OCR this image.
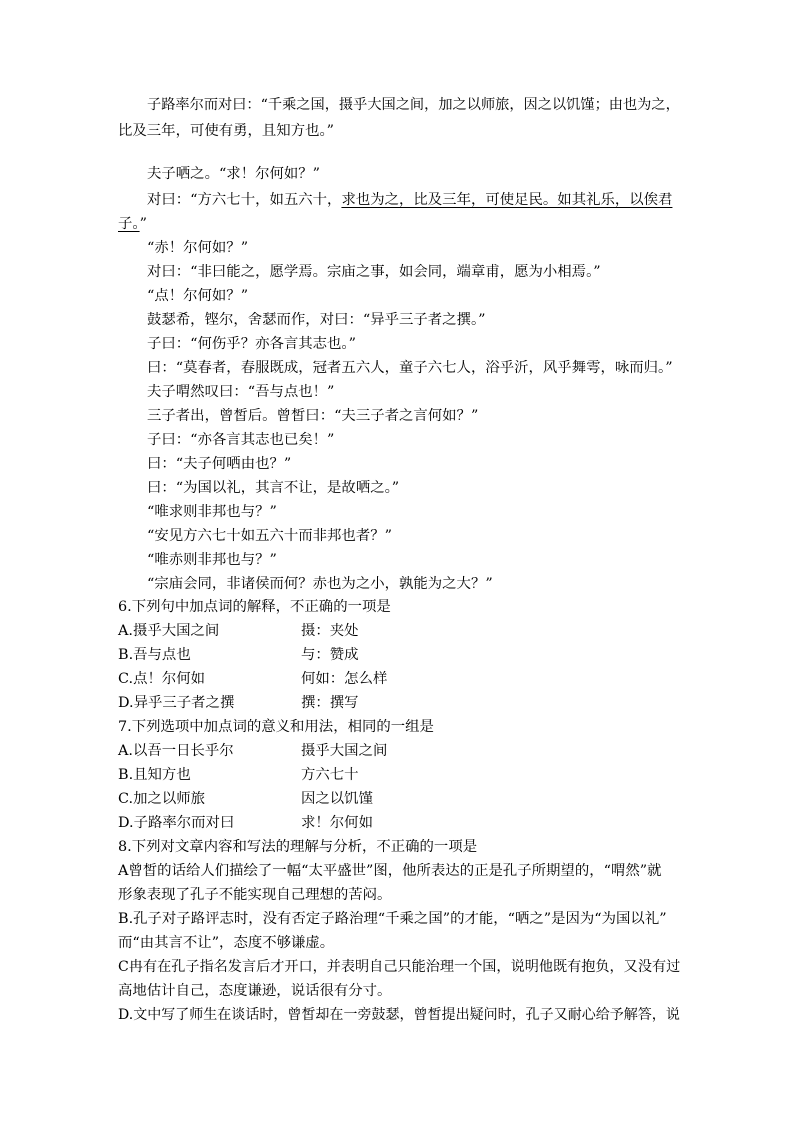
子路率尔而对曰：“千乘之国，摄乎大国之间，加之以师旅，因之以饥馑；由也为之，
比及三年，可使有勇，且知方也。”
夫子哂之。“求！尔何如？”
对曰：“方六七十，如五六十，求也为之，比及三年，可使足民。如其礼乐，以俟君
子。”
“赤！尔何如？”
对曰：“非曰能之，愿学焉。宗庙之事，如会同，端章甫，愿为小相焉。”
“点！尔何如？”
鼓瑟希，铿尔，舍瑟而作，对曰：“异乎三子者之撰。”
子曰：“何伤乎？亦各言其志也。”
曰：“莫春者，春服既成，冠者五六人，童子六七人，浴乎沂，风乎舞雩，咏而归。”
夫子喟然叹曰：“吾与点也！”
三子者出，曾皙后。曾皙曰：“夫三子者之言何如？”
子曰：“亦各言其志也已矣！”
曰：“夫子何哂由也？”
曰：“为国以礼，其言不让，是故哂之。”
“唯求则非邦也与？”
“安见方六七十如五六十而非邦也者？”
“唯赤则非邦也与？”
“宗庙会同，非诸侯而何？赤也为之小，孰能为之大？”
6.下列句中加点词的解释，不正确的一项是
A.摄乎大国之间	摄：夹处
B.吾与点也	与：赞成
C.点！尔何如	何如：怎么样
D.异乎三子者之撰	撰：撰写
7.下列选项中加点词的意义和用法，相同的一组是
A.以吾一日长乎尔	摄乎大国之间
B.且知方也	方六七十
C.加之以师旅	因之以饥馑
D.子路率尔而对曰	求！尔何如
8.下列对文章内容和写法的理解与分析，不正确的一项是
A曾皙的话给人们描绘了一幅“太平盛世”图，他所表达的正是孔子所期望的，“喟然”就
形象表现了孔子不能实现自己理想的苦闷。
B.孔子对子路评志时，没有否定子路治理“千乘之国”的才能，“哂之”是因为“为国以礼”
而“由其言不让”，态度不够谦虚。
C冉有在孔子指名发言后才开口，并表明自己只能治理一个国，说明他既有抱负，又没有过
高地估计自己，态度谦逊，说话很有分寸。
D.文中写了师生在谈话时，曾皙却在一旁鼓瑟，曾皙提出疑问时，孔子又耐心给予解答，说
